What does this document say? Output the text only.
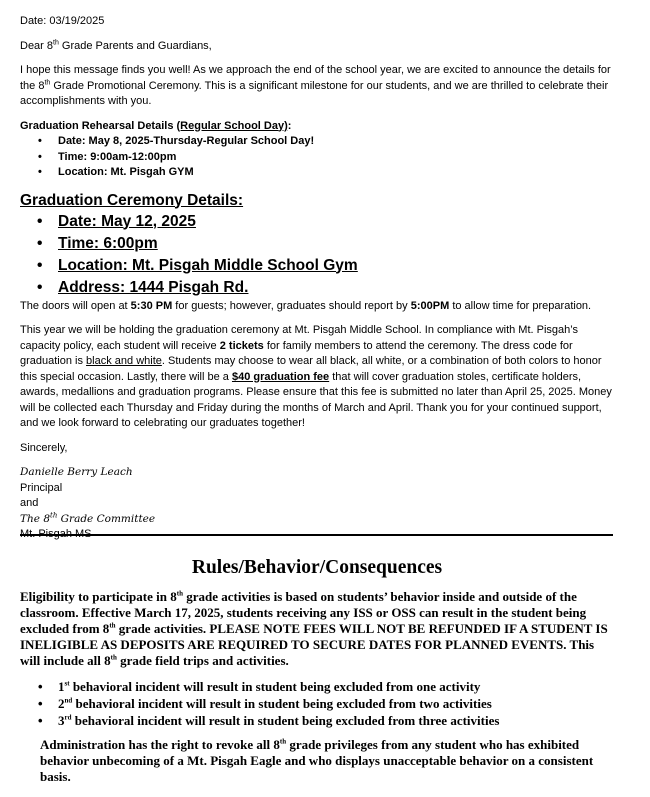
Date: 03/19/2025

Dear 8th Grade Parents and Guardians,

I hope this message finds you well! As we approach the end of the school year, we are excited to announce the details for the 8th Grade Promotional Ceremony. This is a significant milestone for our students, and we are thrilled to celebrate their accomplishments with you.

Graduation Rehearsal Details (Regular School Day):

• Date: May 8, 2025-Thursday-Regular School Day!
• Time: 9:00am-12:00pm
• Location: Mt. Pisgah GYM

Graduation Ceremony Details:

• Date: May 12, 2025
• Time: 6:00pm
• Location: Mt. Pisgah Middle School Gym
• Address: 1444 Pisgah Rd.

The doors will open at 5:30 PM for guests; however, graduates should report by 5:00PM to allow time for preparation.

This year we will be holding the graduation ceremony at Mt. Pisgah Middle School. In compliance with Mt. Pisgah’s capacity policy, each student will receive 2 tickets for family members to attend the ceremony. The dress code for graduation is black and white. Students may choose to wear all black, all white, or a combination of both colors to honor this special occasion. Lastly, there will be a $40 graduation fee that will cover graduation stoles, certificate holders, awards, medallions and graduation programs. Please ensure that this fee is submitted no later than April 25, 2025. Money will be collected each Thursday and Friday during the months of March and April. Thank you for your continued support, and we look forward to celebrating our graduates together!

Sincerely,

Danielle Berry Leach

Principal

and

The 8th Grade Committee

Rules/Behavior/Consequences

Eligibility to participate in 8th grade activities is based on students’ behavior inside and outside of the classroom. Effective March 17, 2025, students receiving any ISS or OSS can result in the student being excluded from 8th grade activities. PLEASE NOTE FEES WILL NOT BE REFUNDED IF A STUDENT IS INELIGIBLE AS DEPOSITS ARE REQUIRED TO SECURE DATES FOR PLANNED EVENTS. This will include all 8th grade field trips and activities.

• 1st behavioral incident will result in student being excluded from one activity
• 2nd behavioral incident will result in student being excluded from two activities
• 3rd behavioral incident will result in student being excluded from three activities

Administration has the right to revoke all 8th grade privileges from any student who has exhibited behavior unbecoming of a Mt. Pisgah Eagle and who displays unacceptable behavior on a consistent basis.
